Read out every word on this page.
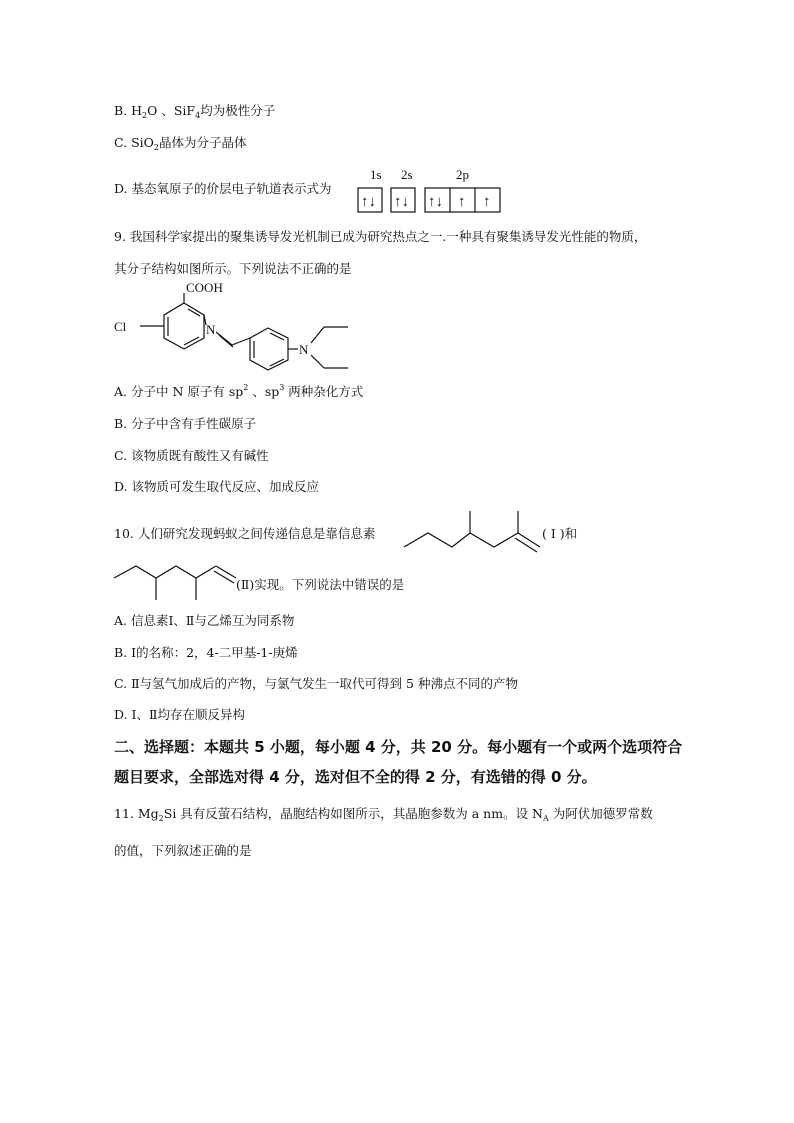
B. $H_2O$ 、SiF$_4$均为极性分子
C. SiO$_2$晶体为分子晶体
D. 基态氧原子的价层电子轨道表示式为
1s 2s	2p
↑↓ ↑↓ ↑↓ ↑ ↑
9. 我国科学家提出的聚集诱导发光机制已成为研究热点之一.一种具有聚集诱导发光性能的物质，
其分子结构如图所示。下列说法不正确的是
COOH
Cl	N
N
A. 分子中 N 原子有 $sp^2$ 、$sp^3$ 两种杂化方式
B. 分子中含有手性碳原子
C. 该物质既有酸性又有碱性
D. 该物质可发生取代反应、加成反应
10. 人们研究发现蚂蚁之间传递信息是靠信息素	( I )和
(Ⅱ)实现。下列说法中错误的是
A. 信息素Ⅰ、Ⅱ与乙烯互为同系物
B. Ⅰ的名称：2，4-二甲基-1-庚烯
C. Ⅱ与氢气加成后的产物，与氯气发生一取代可得到 5 种沸点不同的产物
D. Ⅰ、Ⅱ均存在顺反异构
二、选择题：本题共 5 小题，每小题 4 分，共 20 分。每小题有一个或两个选项符合
题目要求，全部选对得 4 分，选对但不全的得 2 分，有选错的得 0 分。
11. $Mg_2Si$ 具有反萤石结构，晶胞结构如图所示，其晶胞参数为 a nm。设 $N_A$ 为阿伏加德罗常数
的值，下列叙述正确的是
